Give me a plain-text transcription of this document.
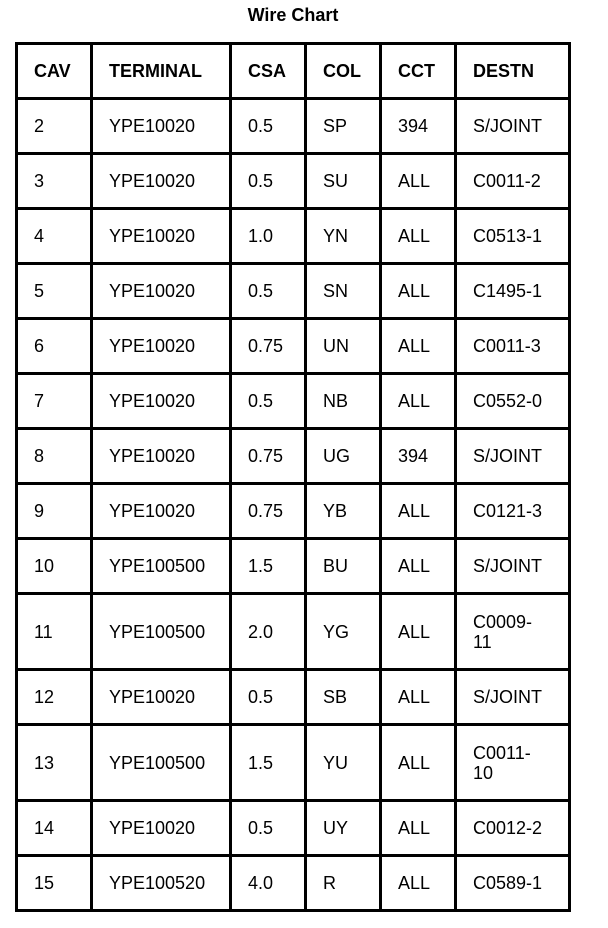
Wire Chart
CAV	TERMINAL	CSA	COL	CCT	DESTN
2	YPE10020	0.5	SP	394	S/JOINT
3	YPE10020	0.5	SU	ALL	C0011-2
4	YPE10020	1.0	YN	ALL	C0513-1
5	YPE10020	0.5	SN	ALL	C1495-1
6	YPE10020	0.75	UN	ALL	C0011-3
7	YPE10020	0.5	NB	ALL	C0552-0
8	YPE10020	0.75	UG	394	S/JOINT
9	YPE10020	0.75	YB	ALL	C0121-3
10	YPE100500	1.5	BU	ALL	S/JOINT
11	YPE100500	2.0	YG	ALL	C0009-
11
12	YPE10020	0.5	SB	ALL	S/JOINT
13	YPE100500	1.5	YU	ALL	C0011-
10
14	YPE10020	0.5	UY	ALL	C0012-2
15	YPE100520	4.0	R	ALL	C0589-1
